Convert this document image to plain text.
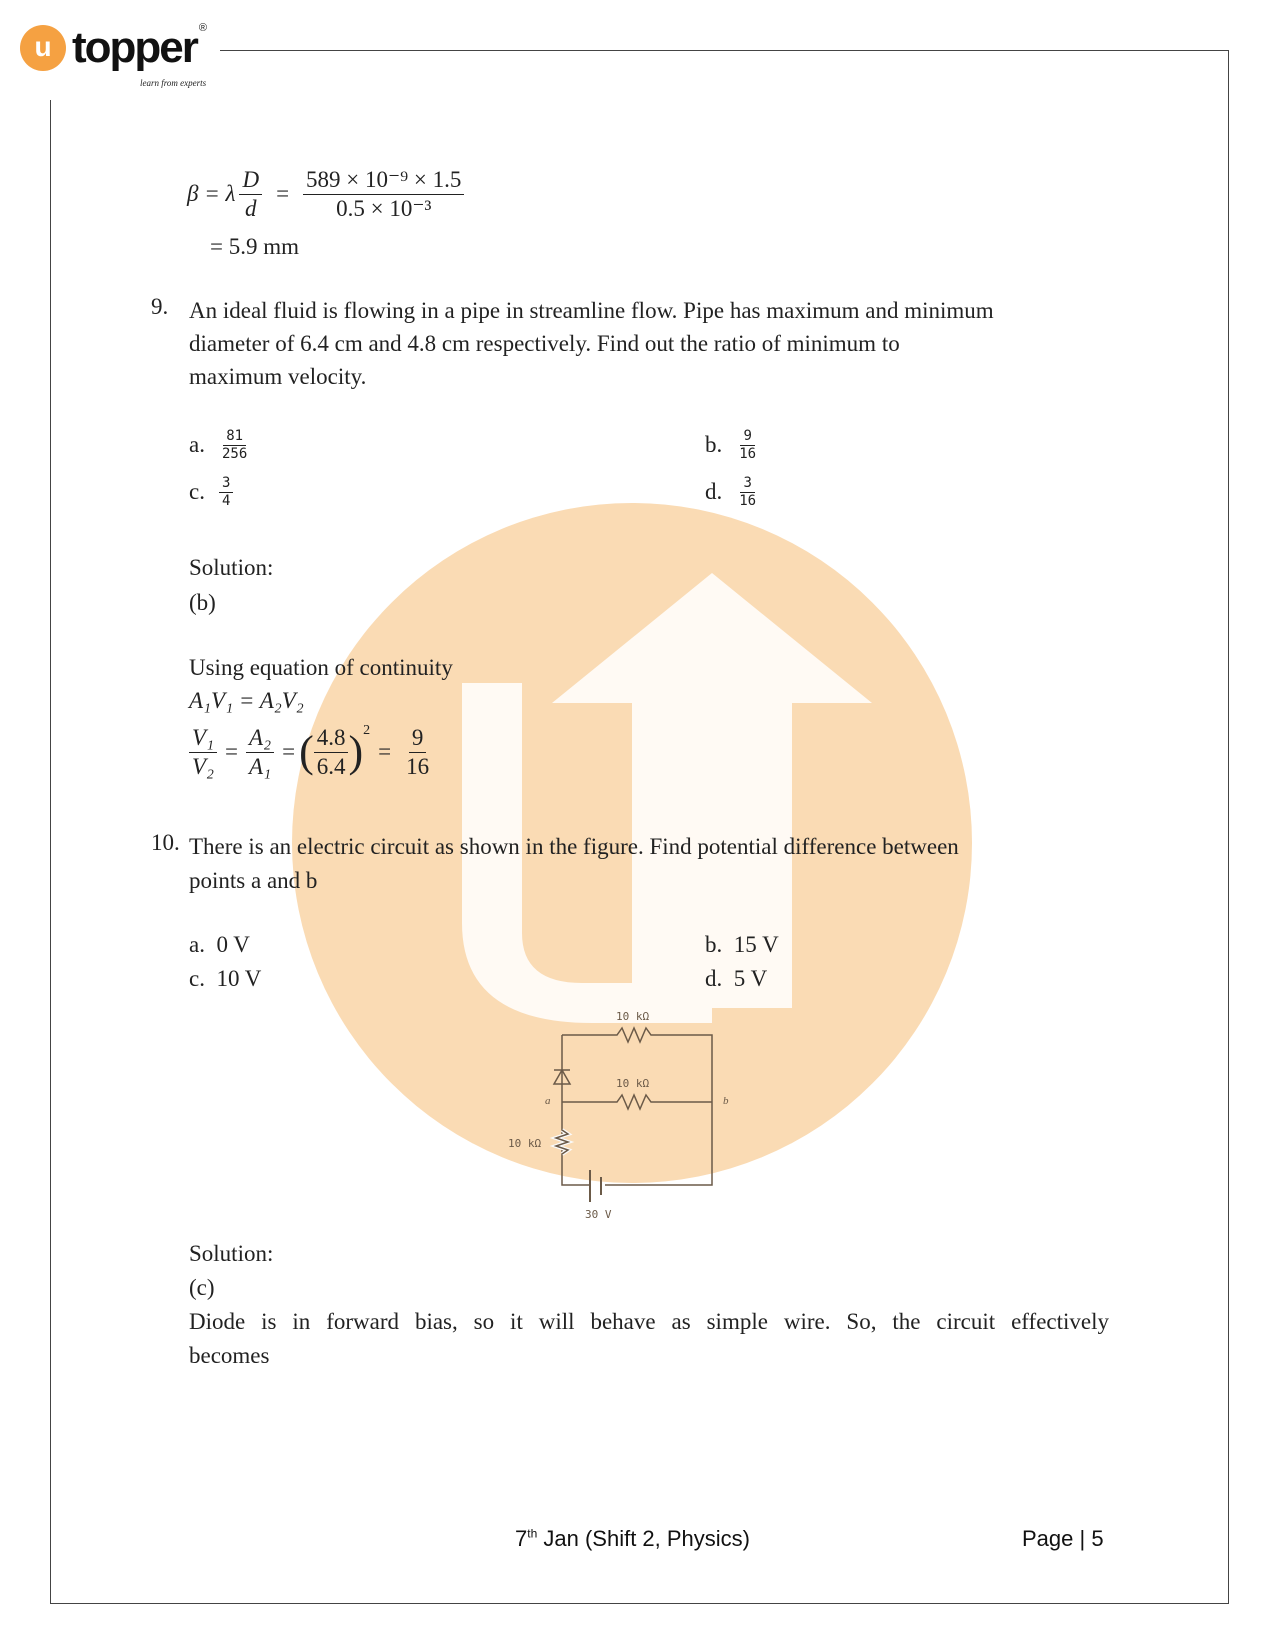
u topper ®
learn from experts
β = λ $\frac{D}{d} = \frac{\text{589 × 10⁻⁹ × 1.5}}{\text{0.5 × 10⁻³}}$
= 5.9 mm
9. An ideal fluid is flowing in a pipe in streamline flow. Pipe has maximum and minimum
diameter of 6.4 cm and 4.8 cm respectively. Find out the ratio of minimum to
maximum velocity.
a. $\frac{81}{256}$	b. $\frac{9}{16}$
c. $\frac{3}{4}$	d. $\frac{3}{16}$
Solution:
(b)
Using equation of continuity
A₁V₁ = A₂V₂
$\frac{\text{V₁}}{\text{V₂}} = \frac{\text{A₂}}{\text{A₁}}$ = ( $\frac{4.8}{6.4}$ ) 2
= $\frac{9}{16}$
10. There is an electric circuit as shown in the figure. Find potential difference between
points a and b
a. 0 V	b. 15 V
c. 10 V	d. 5 V
10 kΩ
10 kΩ
10 kΩ
a	b
30 V
Solution:
(c)
Diode is in forward bias, so it will behave as simple wire. So, the circuit effectively
becomes
7th Jan (Shift 2, Physics)	Page | 5
